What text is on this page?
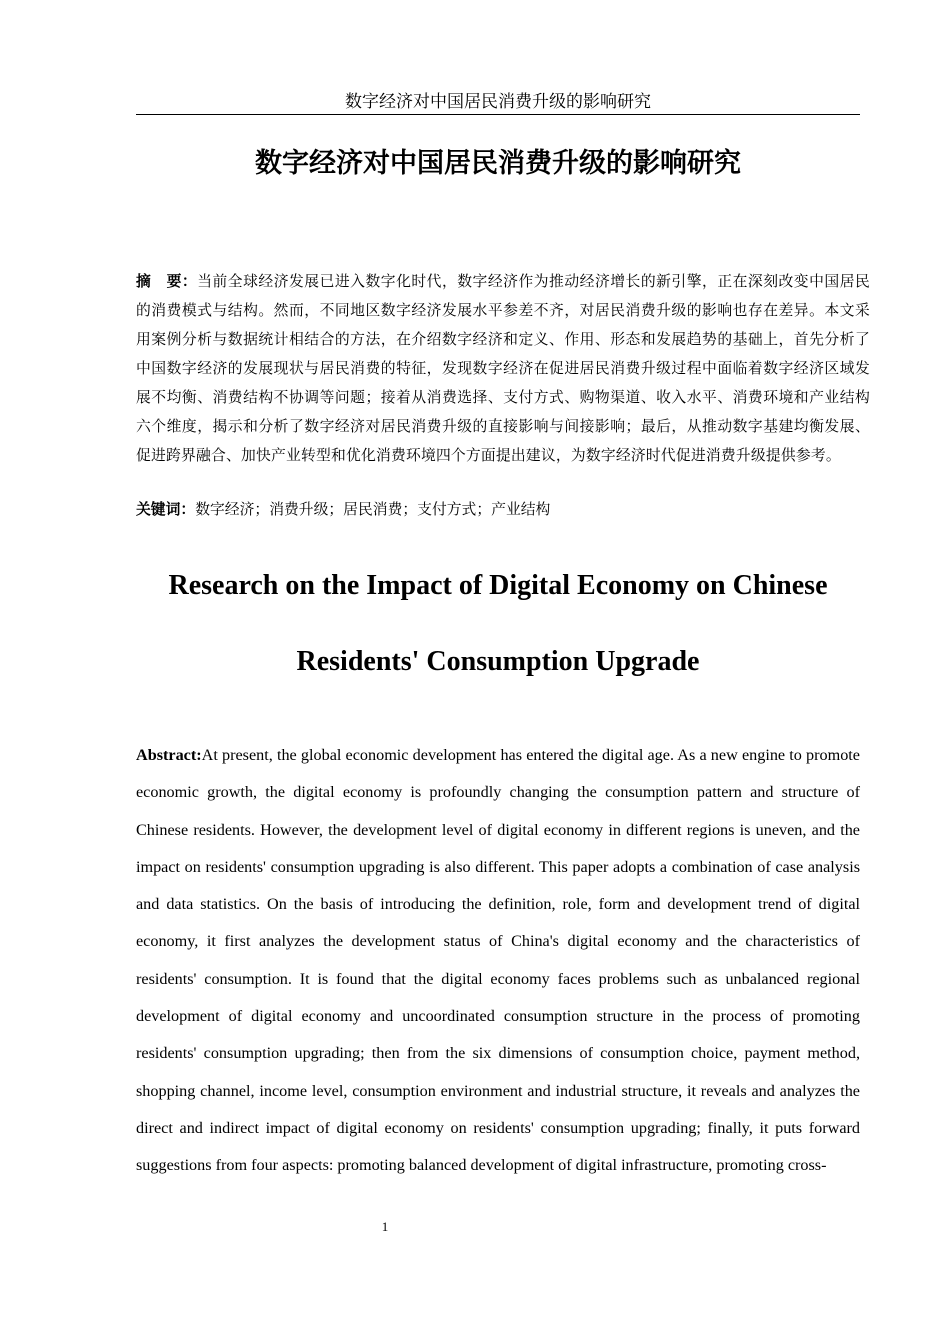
数字经济对中国居民消费升级的影响研究
数字经济对中国居民消费升级的影响研究
摘　要：当前全球经济发展已进入数字化时代，数字经济作为推动经济增长的新引擎，正在深刻改变中国居民的消费模式与结构。然而，不同地区数字经济发展水平参差不齐，对居民消费升级的影响也存在差异。本文采用案例分析与数据统计相结合的方法，在介绍数字经济和定义、作用、形态和发展趋势的基础上，首先分析了中国数字经济的发展现状与居民消费的特征，发现数字经济在促进居民消费升级过程中面临着数字经济区域发展不均衡、消费结构不协调等问题；接着从消费选择、支付方式、购物渠道、收入水平、消费环境和产业结构六个维度，揭示和分析了数字经济对居民消费升级的直接影响与间接影响；最后，从推动数字基建均衡发展、促进跨界融合、加快产业转型和优化消费环境四个方面提出建议，为数字经济时代促进消费升级提供参考。
关键词：数字经济；消费升级；居民消费；支付方式；产业结构
Research on the Impact of Digital Economy on Chinese
Residents' Consumption Upgrade
Abstract:At present, the global economic development has entered the digital age. As a new engine to promote economic growth, the digital economy is profoundly changing the consumption pattern and structure of Chinese residents. However, the development level of digital economy in different regions is uneven, and the impact on residents' consumption upgrading is also different. This paper adopts a combination of case analysis and data statistics. On the basis of introducing the definition, role, form and development trend of digital economy, it first analyzes the development status of China's digital economy and the characteristics of residents' consumption. It is found that the digital economy faces problems such as unbalanced regional development of digital economy and uncoordinated consumption structure in the process of promoting residents' consumption upgrading; then from the six dimensions of consumption choice, payment method, shopping channel, income level, consumption environment and industrial structure, it reveals and analyzes the direct and indirect impact of digital economy on residents' consumption upgrading; finally, it puts forward suggestions from four aspects: promoting balanced development of digital infrastructure, promoting cross-
1
